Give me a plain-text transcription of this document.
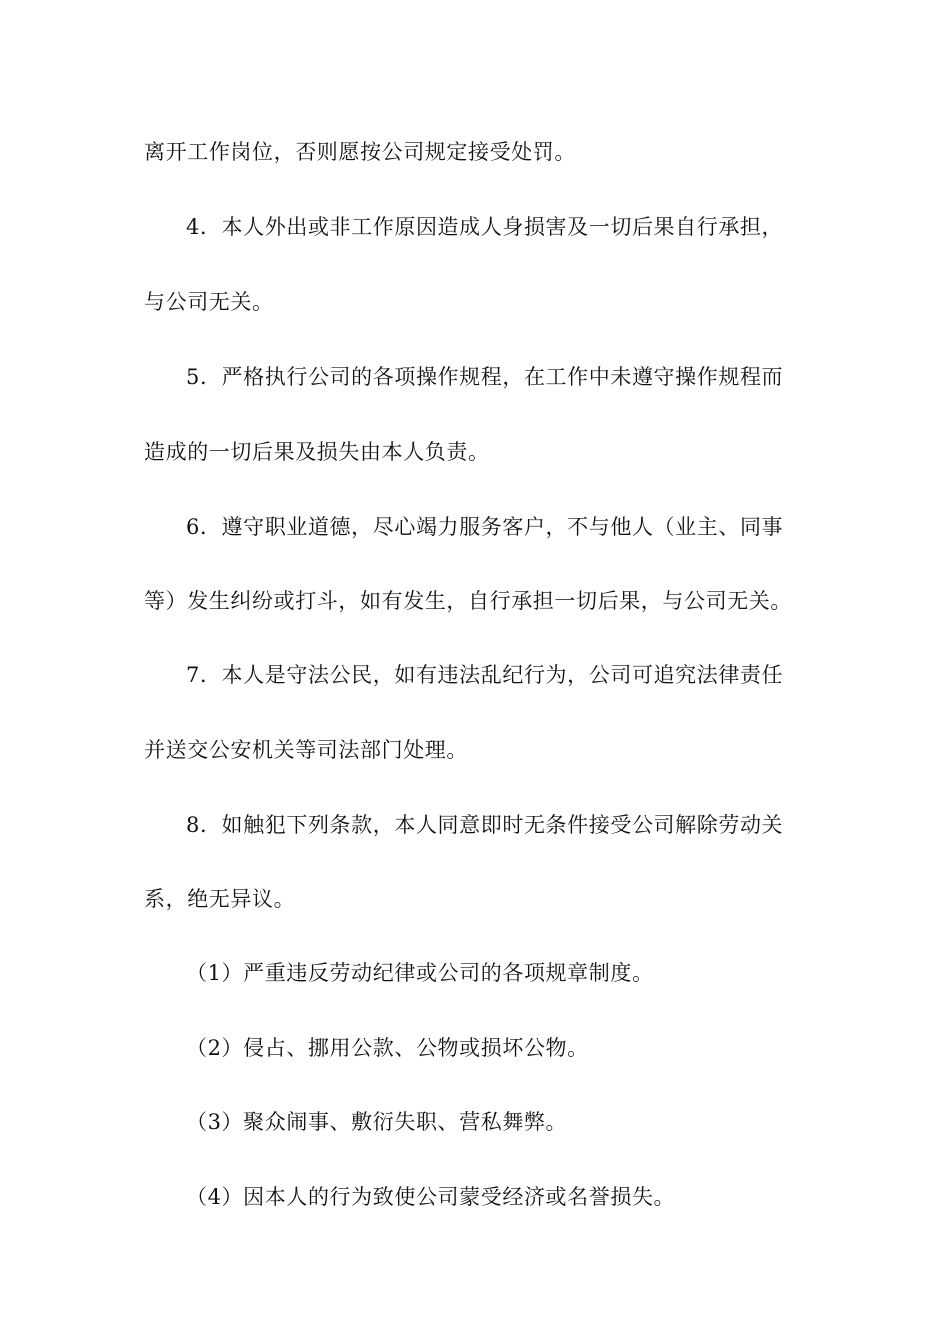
离开工作岗位，否则愿按公司规定接受处罚。
4．本人外出或非工作原因造成人身损害及一切后果自行承担，
与公司无关。
5．严格执行公司的各项操作规程，在工作中未遵守操作规程而
造成的一切后果及损失由本人负责。
6．遵守职业道德，尽心竭力服务客户，不与他人（业主、同事
等）发生纠纷或打斗，如有发生，自行承担一切后果，与公司无关。
7．本人是守法公民，如有违法乱纪行为，公司可追究法律责任
并送交公安机关等司法部门处理。
8．如触犯下列条款，本人同意即时无条件接受公司解除劳动关
系，绝无异议。
（1）严重违反劳动纪律或公司的各项规章制度。
（2）侵占、挪用公款、公物或损坏公物。
（3）聚众闹事、敷衍失职、营私舞弊。
（4）因本人的行为致使公司蒙受经济或名誉损失。
